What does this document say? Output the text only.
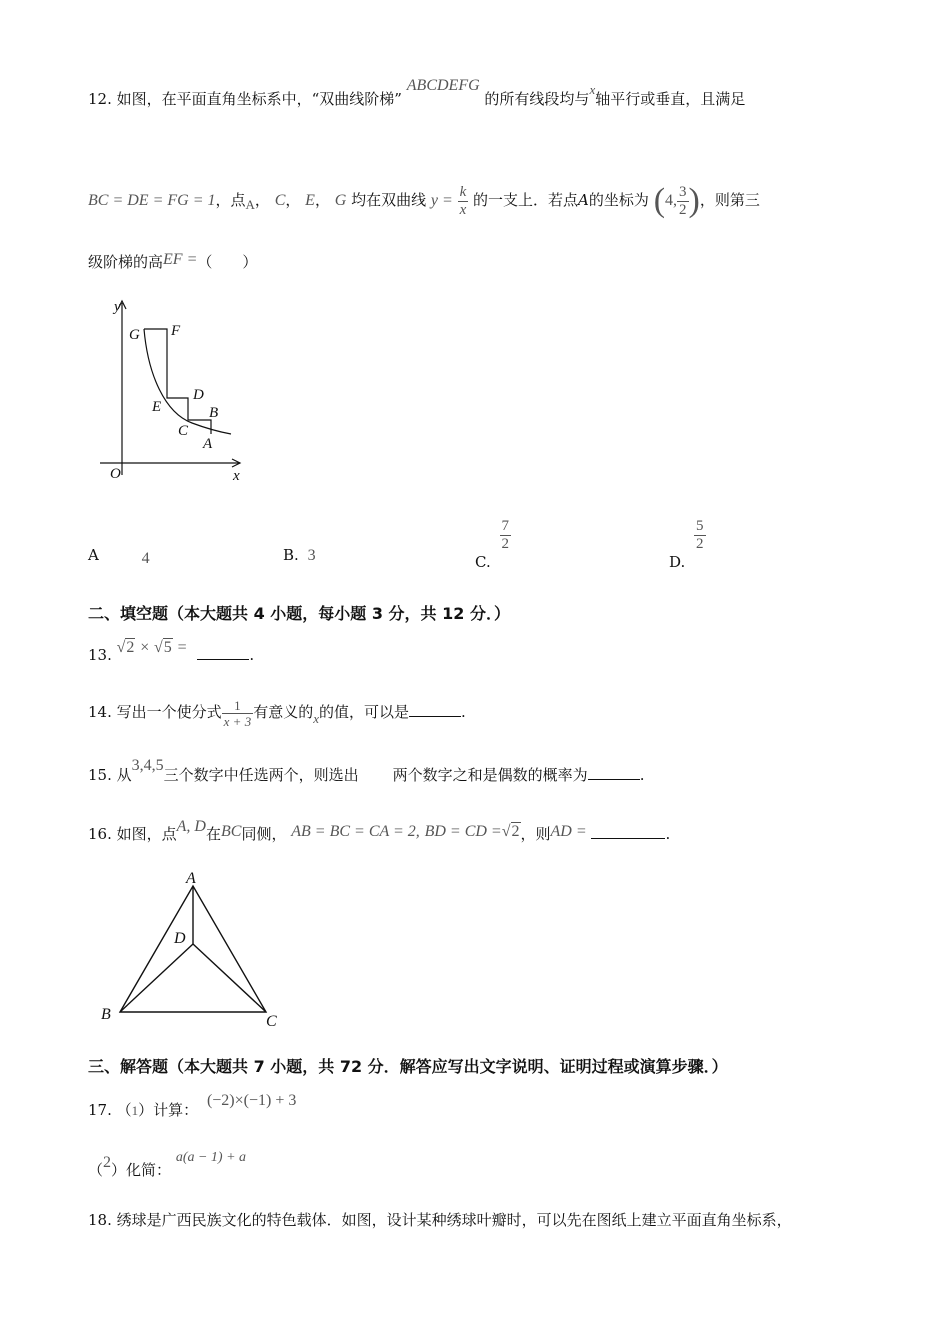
12. 如图，在平面直角坐标系中，“双曲线阶梯” ABCDEFG 的所有线段均与x轴平行或垂直，且满足
BC = DE = FG = 1，点A， C， E， G 均在双曲线 $y = \frac{k}{x}$ 的一支上．若点A的坐标为 (4, $\frac{3}{2}$ )，则第三
级阶梯的高EF =（　　）
y
x
O
G F
D
E	B
C
A
A	4	B. 3	C.
$\frac{7}{2}$
D.
$\frac{5}{2}$
二、填空题（本大题共 4 小题，每小题 3 分，共 12 分．）
13. √2 × √5 =	.
14. 写出一个使分式 $\frac{1}{x + 3}$ 有意义的x的值，可以是	.
15. 从3,4,5三个数字中任选两个，则选出 两个数字之和是偶数的概率为	.
16. 如图，点A, D在BC同侧， AB = BC = CA = 2, BD = CD =√2，则AD =	.
A
D
B	C
三、解答题（本大题共 7 小题，共 72 分．解答应写出文字说明、证明过程或演算步骤．）
17. （1）计算： (−2)×(−1) + 3
（2）化简： a(a − 1) + a
18. 绣球是广西民族文化的特色载体．如图，设计某种绣球叶瓣时，可以先在图纸上建立平面直角坐标系，
